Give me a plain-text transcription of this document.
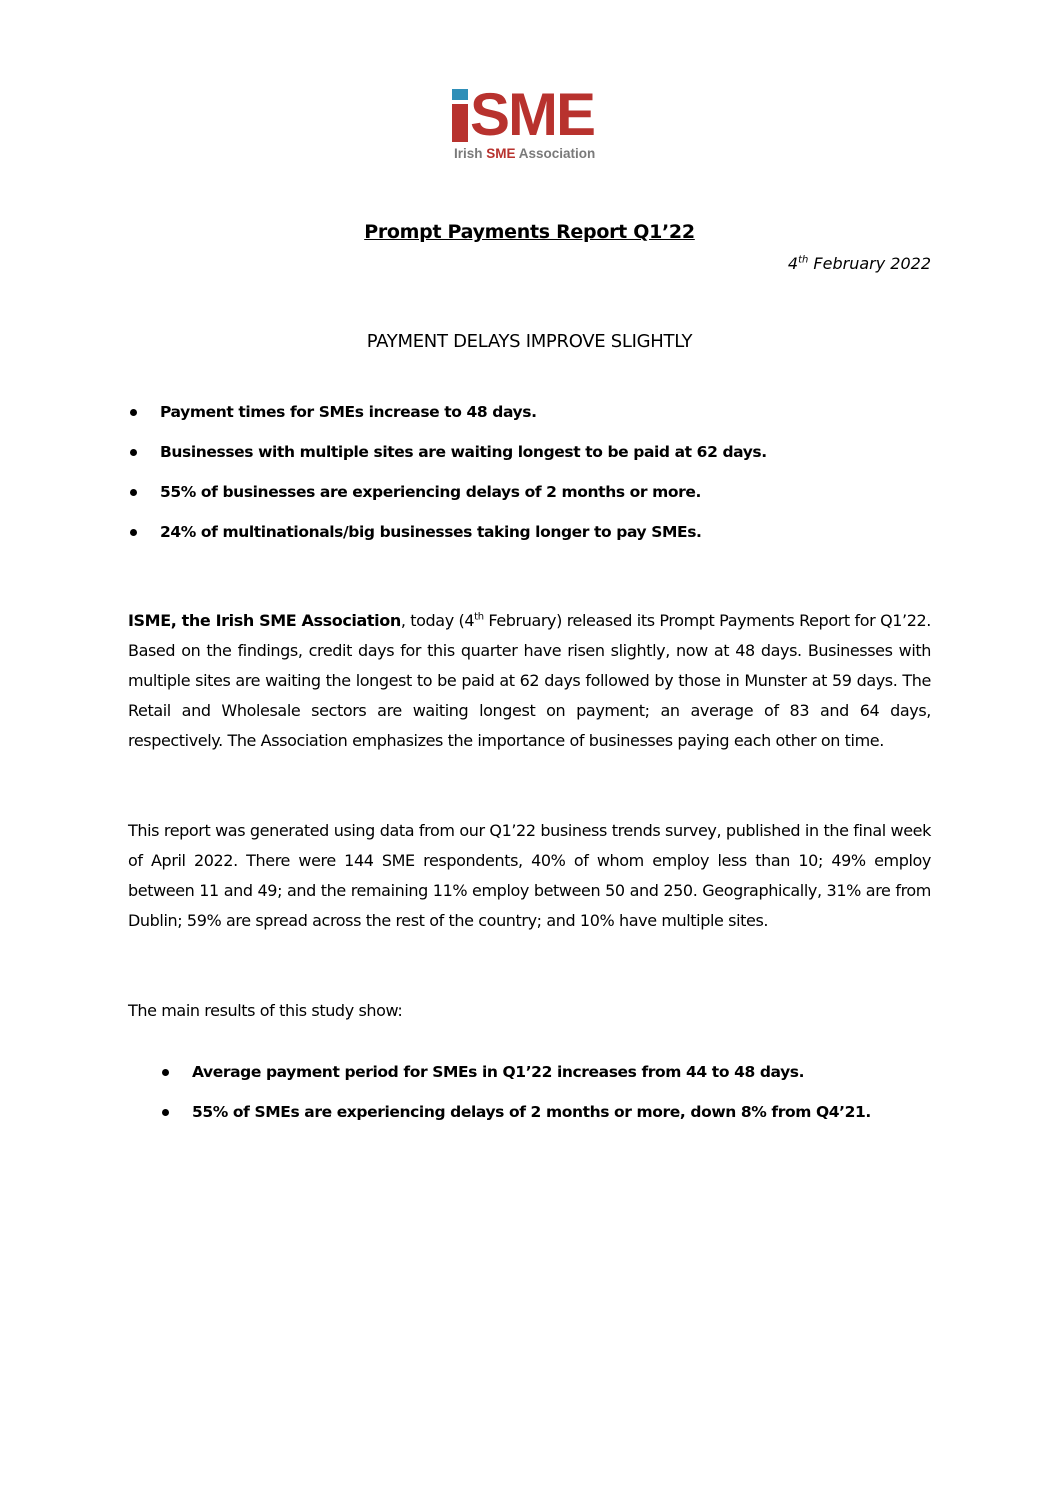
SME
Irish SME Association
Prompt Payments Report Q1’22
4th February 2022
PAYMENT DELAYS IMPROVE SLIGHTLY
Payment times for SMEs increase to 48 days.
Businesses with multiple sites are waiting longest to be paid at 62 days.
55% of businesses are experiencing delays of 2 months or more.
24% of multinationals/big businesses taking longer to pay SMEs.

ISME, the Irish SME Association, today (4th February) released its Prompt Payments Report for Q1’22. Based on the findings, credit days for this quarter have risen slightly, now at 48 days. Businesses with multiple sites are waiting the longest to be paid at 62 days followed by those in Munster at 59 days. The Retail and Wholesale sectors are waiting longest on payment; an average of 83 and 64 days, respectively. The Association emphasizes the importance of businesses paying each other on time.

This report was generated using data from our Q1’22 business trends survey, published in the final week of April 2022. There were 144 SME respondents, 40% of whom employ less than 10; 49% employ between 11 and 49; and the remaining 11% employ between 50 and 250. Geographically, 31% are from Dublin; 59% are spread across the rest of the country; and 10% have multiple sites.

The main results of this study show:

Average payment period for SMEs in Q1’22 increases from 44 to 48 days.
55% of SMEs are experiencing delays of 2 months or more, down 8% from Q4’21.
